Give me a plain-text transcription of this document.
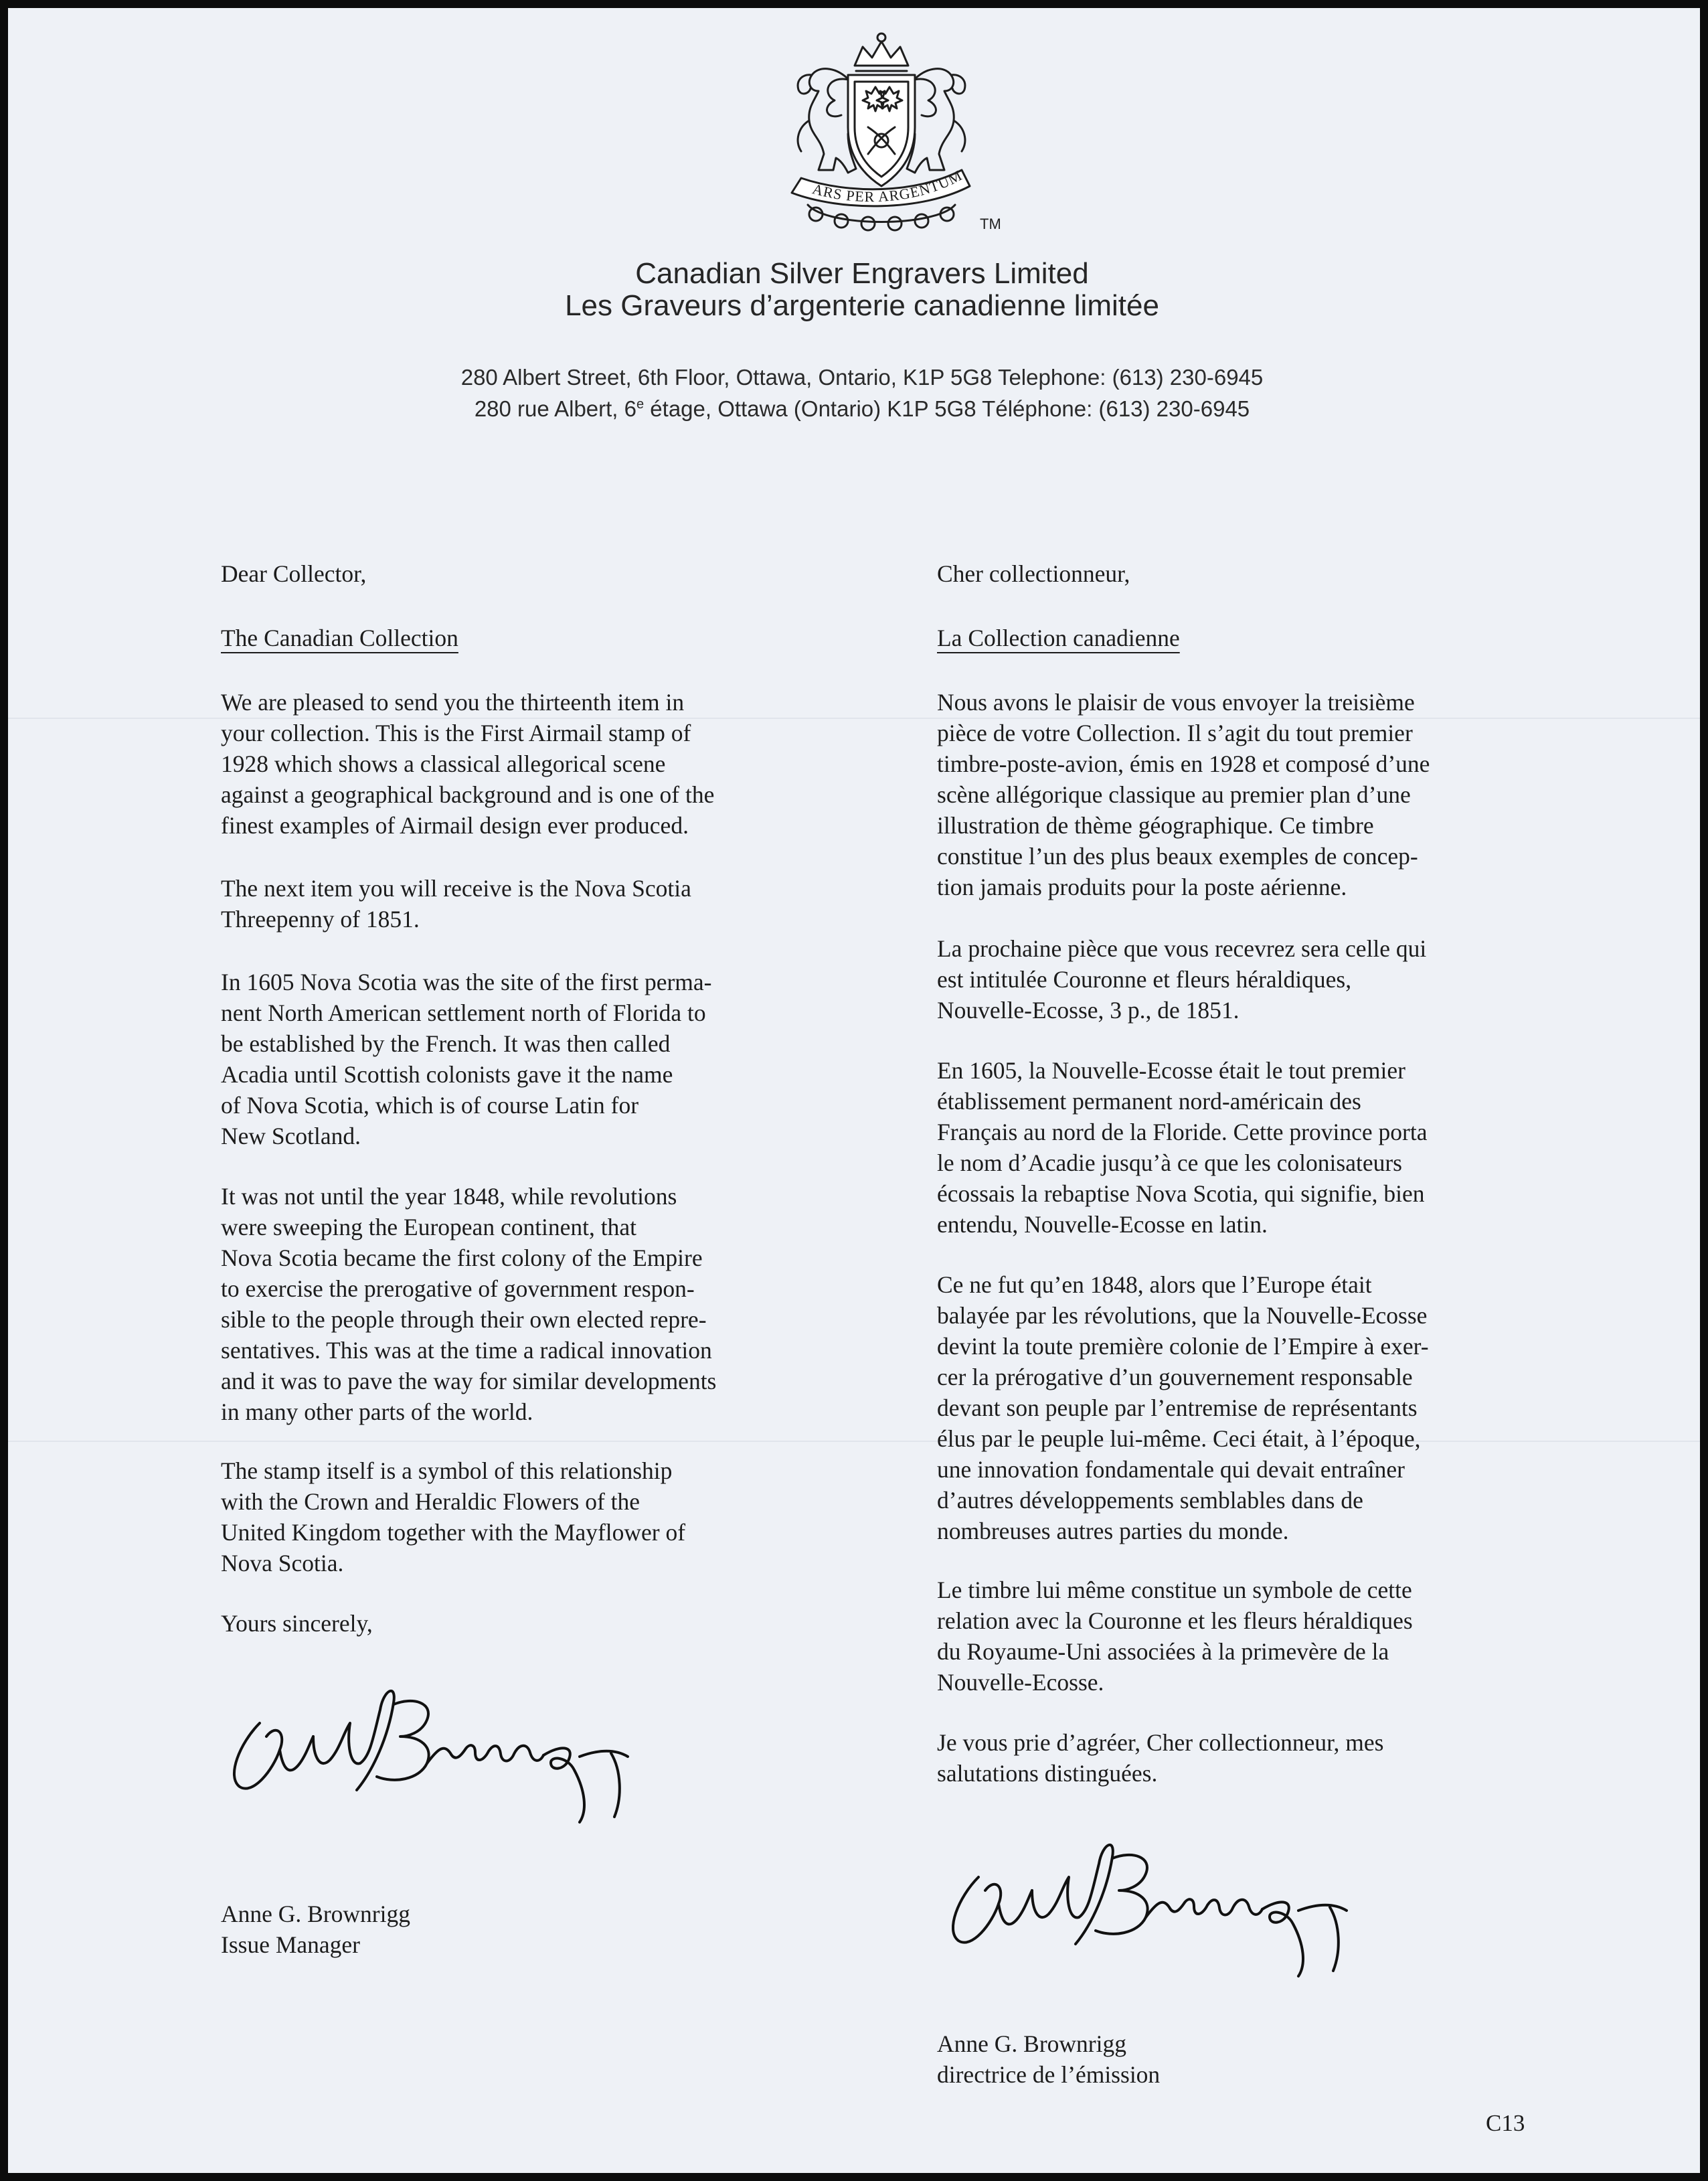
ARS PER ARGENTUM
TM
Canadian Silver Engravers Limited
Les Graveurs d’argenterie canadienne limitée
280 Albert Street, 6th Floor, Ottawa, Ontario, K1P 5G8 Telephone: (613) 230-6945
280 rue Albert, 6e étage, Ottawa (Ontario) K1P 5G8 Téléphone: (613) 230-6945
Dear Collector,
The Canadian Collection
We are pleased to send you the thirteenth item in
your collection. This is the First Airmail stamp of
1928 which shows a classical allegorical scene
against a geographical background and is one of the
finest examples of Airmail design ever produced.
The next item you will receive is the Nova Scotia
Threepenny of 1851.
In 1605 Nova Scotia was the site of the first perma-
nent North American settlement north of Florida to
be established by the French. It was then called
Acadia until Scottish colonists gave it the name
of Nova Scotia, which is of course Latin for
New Scotland.
It was not until the year 1848, while revolutions
were sweeping the European continent, that
Nova Scotia became the first colony of the Empire
to exercise the prerogative of government respon-
sible to the people through their own elected repre-
sentatives. This was at the time a radical innovation
and it was to pave the way for similar developments
in many other parts of the world.
The stamp itself is a symbol of this relationship
with the Crown and Heraldic Flowers of the
United Kingdom together with the Mayflower of
Nova Scotia.
Yours sincerely,
Anne G. Brownrigg
Issue Manager
Cher collectionneur,
La Collection canadienne
Nous avons le plaisir de vous envoyer la treisième
pièce de votre Collection. Il s’agit du tout premier
timbre-poste-avion, émis en 1928 et composé d’une
scène allégorique classique au premier plan d’une
illustration de thème géographique. Ce timbre
constitue l’un des plus beaux exemples de concep-
tion jamais produits pour la poste aérienne.
La prochaine pièce que vous recevrez sera celle qui
est intitulée Couronne et fleurs héraldiques,
Nouvelle-Ecosse, 3 p., de 1851.
En 1605, la Nouvelle-Ecosse était le tout premier
établissement permanent nord-américain des
Français au nord de la Floride. Cette province porta
le nom d’Acadie jusqu’à ce que les colonisateurs
écossais la rebaptise Nova Scotia, qui signifie, bien
entendu, Nouvelle-Ecosse en latin.
Ce ne fut qu’en 1848, alors que l’Europe était
balayée par les révolutions, que la Nouvelle-Ecosse
devint la toute première colonie de l’Empire à exer-
cer la prérogative d’un gouvernement responsable
devant son peuple par l’entremise de représentants
élus par le peuple lui-même. Ceci était, à l’époque,
une innovation fondamentale qui devait entraîner
d’autres développements semblables dans de
nombreuses autres parties du monde.
Le timbre lui même constitue un symbole de cette
relation avec la Couronne et les fleurs héraldiques
du Royaume-Uni associées à la primevère de la
Nouvelle-Ecosse.
Je vous prie d’agréer, Cher collectionneur, mes
salutations distinguées.
Anne G. Brownrigg
directrice de l’émission
C13
